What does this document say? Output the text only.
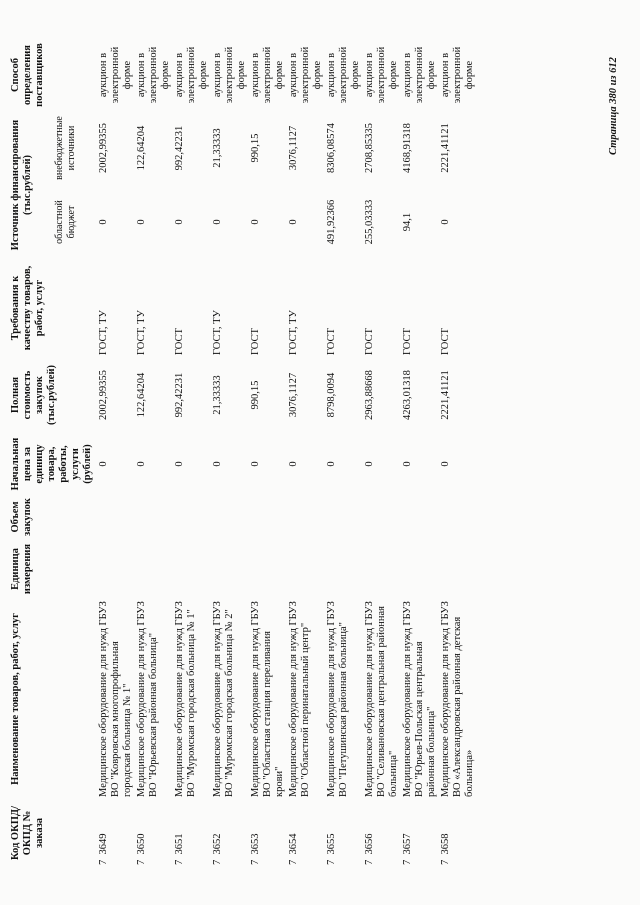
Код ОКПД/ ОКПД № заказа	Наименование товаров, работ, услуг	Единица измерения	Объем закупок	Начальная цена за единицу товара, работы, услуги (рублей)	Полная стоимость закупок (тыс.рублей)	Требования к качеству товаров, работ, услуг	Источник финансирования (тыс.рублей)		Способ определения поставщиков
							областной бюджет	внебюджетные источники	
7  3649	Медицинское оборудование для нужд ГБУЗ ВО "Ковровская многопрофильная городская больница № 1"			0	2002,99355	ГОСТ, ТУ	0	2002,99355	аукцион в электронной форме
7  3650	Медицинское оборудование для нужд ГБУЗ ВО "Юрьевская районная больница"			0	122,64204	ГОСТ, ТУ	0	122,64204	аукцион в электронной форме
7  3651	Медицинское оборудование для нужд ГБУЗ ВО "Муромская городская больница № 1"			0	992,42231	ГОСТ	0	992,42231	аукцион в электронной форме
7  3652	Медицинское оборудование для нужд ГБУЗ ВО "Муромская городская больница № 2"			0	21,33333	ГОСТ, ТУ	0	21,33333	аукцион в электронной форме
7  3653	Медицинское оборудование для нужд ГБУЗ ВО "Областная станция переливания крови"			0	990,15	ГОСТ	0	990,15	аукцион в электронной форме
7  3654	Медицинское оборудование для нужд ГБУЗ ВО "Областной перинатальный центр"			0	3076,1127	ГОСТ, ТУ	0	3076,1127	аукцион в электронной форме
7  3655	Медицинское оборудование для нужд ГБУЗ ВО "Петушинская районная больница"			0	8798,0094	ГОСТ	491,92366	8306,08574	аукцион в электронной форме
7  3656	Медицинское оборудование для нужд ГБУЗ ВО "Селивановская центральная районная больница"			0	2963,88668	ГОСТ	255,03333	2708,85335	аукцион в электронной форме
7  3657	Медицинское оборудование для нужд ГБУЗ ВО "Юрьев-Польская центральная районная больница"			0	4263,01318	ГОСТ	94,1	4168,91318	аукцион в электронной форме
7  3658	Медицинское оборудование для нужд ГБУЗ ВО «Александровская районная детская больница»			0	2221,41121	ГОСТ	0	2221,41121	аукцион в электронной форме	Страница 380 из 612
